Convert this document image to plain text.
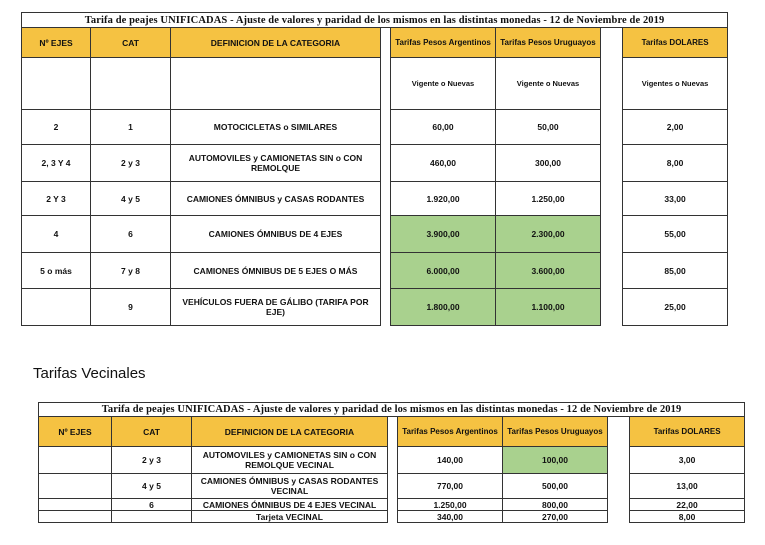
Tarifa de peajes UNIFICADAS - Ajuste de valores y paridad de los mismos en las distintas monedas - 12 de Noviembre de 2019							
Nº EJES	CAT	DEFINICION DE LA CATEGORIA		Tarifas Pesos Argentinos	Tarifas Pesos Uruguayos		Tarifas DOLARES
				Vigente o Nuevas	Vigente o Nuevas		Vigentes o Nuevas
2	1	MOTOCICLETAS o SIMILARES		60,00	50,00		2,00
2, 3 Y 4	2 y 3	AUTOMOVILES y CAMIONETAS SIN o CON REMOLQUE		460,00	300,00		8,00
2 Y 3	4 y 5	CAMIONES ÓMNIBUS y CASAS RODANTES		1.920,00	1.250,00		33,00
4	6	CAMIONES ÓMNIBUS DE 4 EJES		3.900,00	2.300,00		55,00
5 o más	7 y 8	CAMIONES ÓMNIBUS DE 5 EJES O MÁS		6.000,00	3.600,00		85,00
	9	VEHÍCULOS FUERA DE GÁLIBO (TARIFA POR EJE)		1.800,00	1.100,00		25,00
Tarifas Vecinales
Tarifa de peajes UNIFICADAS - Ajuste de valores y paridad de los mismos en las distintas monedas - 12 de Noviembre de 2019							
Nº EJES	CAT	DEFINICION DE LA CATEGORIA		Tarifas Pesos Argentinos	Tarifas Pesos Uruguayos		Tarifas DOLARES
	2 y 3	AUTOMOVILES y CAMIONETAS SIN o CON REMOLQUE VECINAL		140,00	100,00		3,00
	4 y 5	CAMIONES ÓMNIBUS y CASAS RODANTES VECINAL		770,00	500,00		13,00
	6	CAMIONES ÓMNIBUS DE 4 EJES VECINAL		1.250,00	800,00		22,00
		Tarjeta VECINAL		340,00	270,00		8,00
